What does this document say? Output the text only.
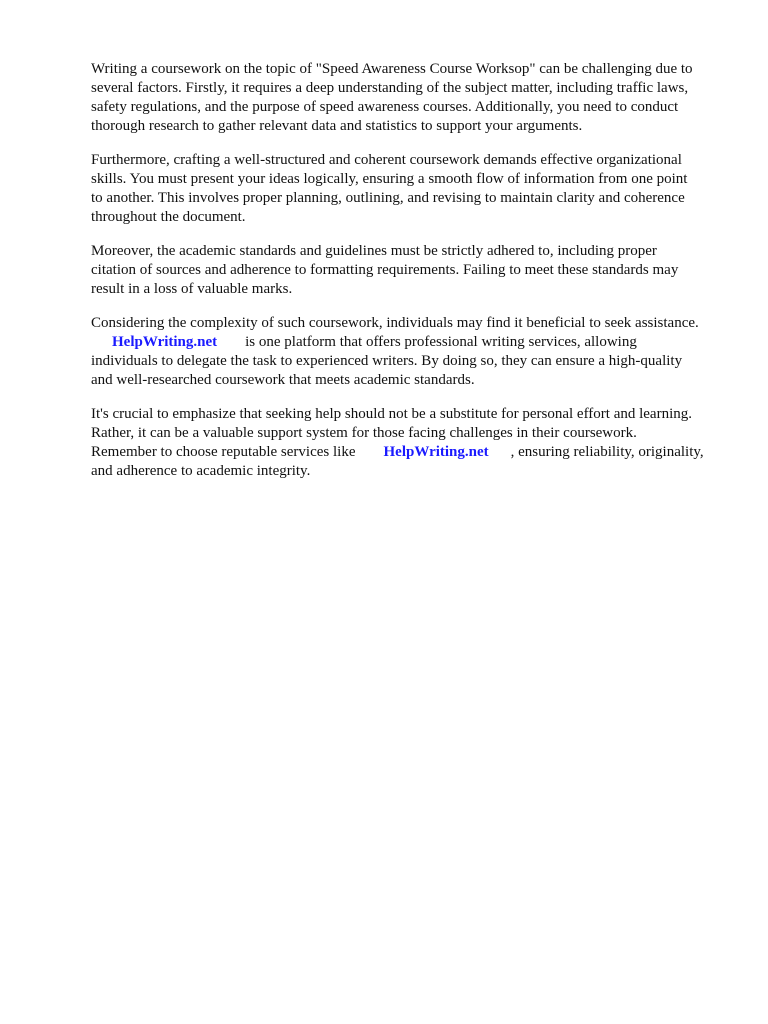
Writing a coursework on the topic of "Speed Awareness Course Worksop" can be challenging due to
several factors. Firstly, it requires a deep understanding of the subject matter, including traffic laws,
safety regulations, and the purpose of speed awareness courses. Additionally, you need to conduct
thorough research to gather relevant data and statistics to support your arguments.
Furthermore, crafting a well-structured and coherent coursework demands effective organizational
skills. You must present your ideas logically, ensuring a smooth flow of information from one point
to another. This involves proper planning, outlining, and revising to maintain clarity and coherence
throughout the document.
Moreover, the academic standards and guidelines must be strictly adhered to, including proper
citation of sources and adherence to formatting requirements. Failing to meet these standards may
result in a loss of valuable marks.
Considering the complexity of such coursework, individuals may find it beneficial to seek assistance.
HelpWriting.net is one platform that offers professional writing services, allowing
individuals to delegate the task to experienced writers. By doing so, they can ensure a high-quality
and well-researched coursework that meets academic standards.
It's crucial to emphasize that seeking help should not be a substitute for personal effort and learning.
Rather, it can be a valuable support system for those facing challenges in their coursework.
Remember to choose reputable services like HelpWriting.net , ensuring reliability, originality,
and adherence to academic integrity.
